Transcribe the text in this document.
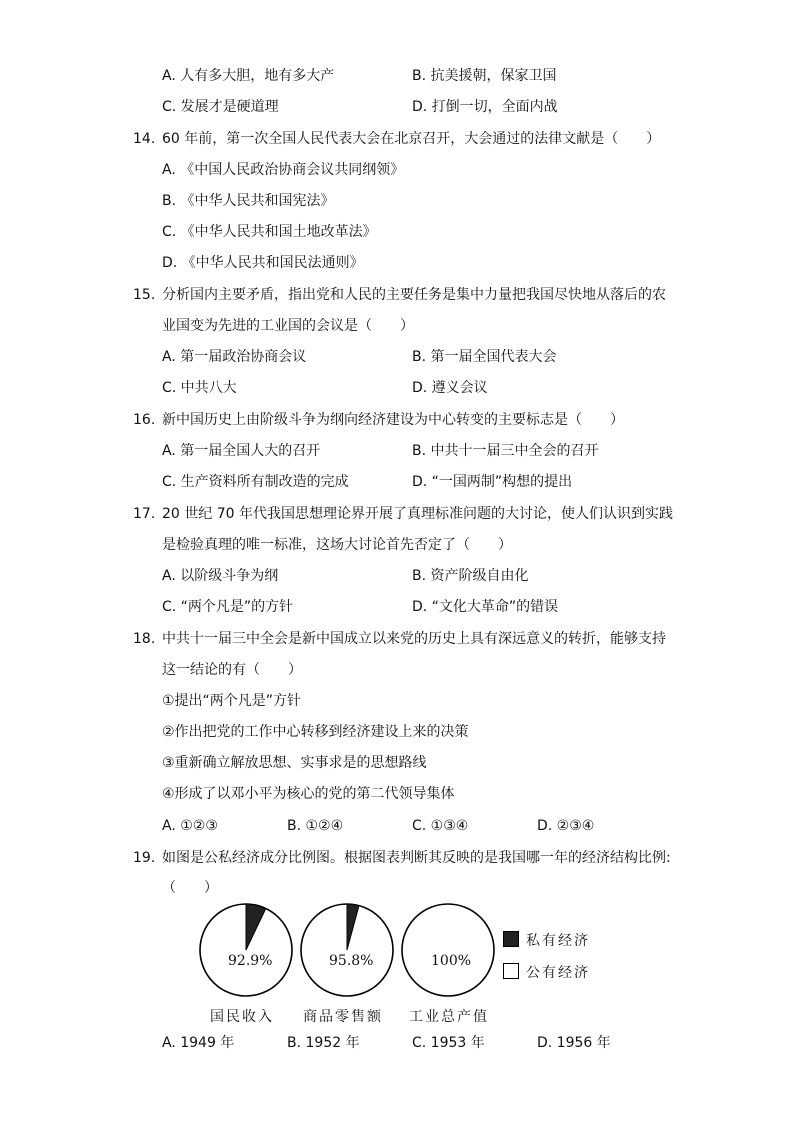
A. 人有多大胆，地有多大产	B. 抗美援朝，保家卫国
C. 发展才是硬道理	D. 打倒一切，全面内战
14. 60 年前，第一次全国人民代表大会在北京召开，大会通过的法律文献是（　　）
A. 《中国人民政治协商会议共同纲领》
B. 《中华人民共和国宪法》
C. 《中华人民共和国土地改革法》
D. 《中华人民共和国民法通则》
15. 分析国内主要矛盾，指出党和人民的主要任务是集中力量把我国尽快地从落后的农
业国变为先进的工业国的会议是（　　）
A. 第一届政治协商会议	B. 第一届全国代表大会
C. 中共八大	D. 遵义会议
16. 新中国历史上由阶级斗争为纲向经济建设为中心转变的主要标志是（　　）
A. 第一届全国人大的召开	B. 中共十一届三中全会的召开
C. 生产资料所有制改造的完成	D. “一国两制”构想的提出
17. 20 世纪 70 年代我国思想理论界开展了真理标准问题的大讨论，使人们认识到实践
是检验真理的唯一标准，这场大讨论首先否定了（　　）
A. 以阶级斗争为纲	B. 资产阶级自由化
C. “两个凡是”的方针	D. “文化大革命”的错误
18. 中共十一届三中全会是新中国成立以来党的历史上具有深远意义的转折，能够支持
这一结论的有（　　）
①提出“两个凡是”方针
②作出把党的工作中心转移到经济建设上来的决策
③重新确立解放思想、实事求是的思想路线
④形成了以邓小平为核心的党的第二代领导集体
A. ①②③	B. ①②④	C. ①③④	D. ②③④
19. 如图是公私经济成分比例图。根据图表判断其反映的是我国哪一年的经济结构比例:
（　　）
92.9%	95.8%	100%
国民收入 商品零售额 工业总产值
私有经济
公有经济
A. 1949 年	B. 1952 年	C. 1953 年	D. 1956 年
